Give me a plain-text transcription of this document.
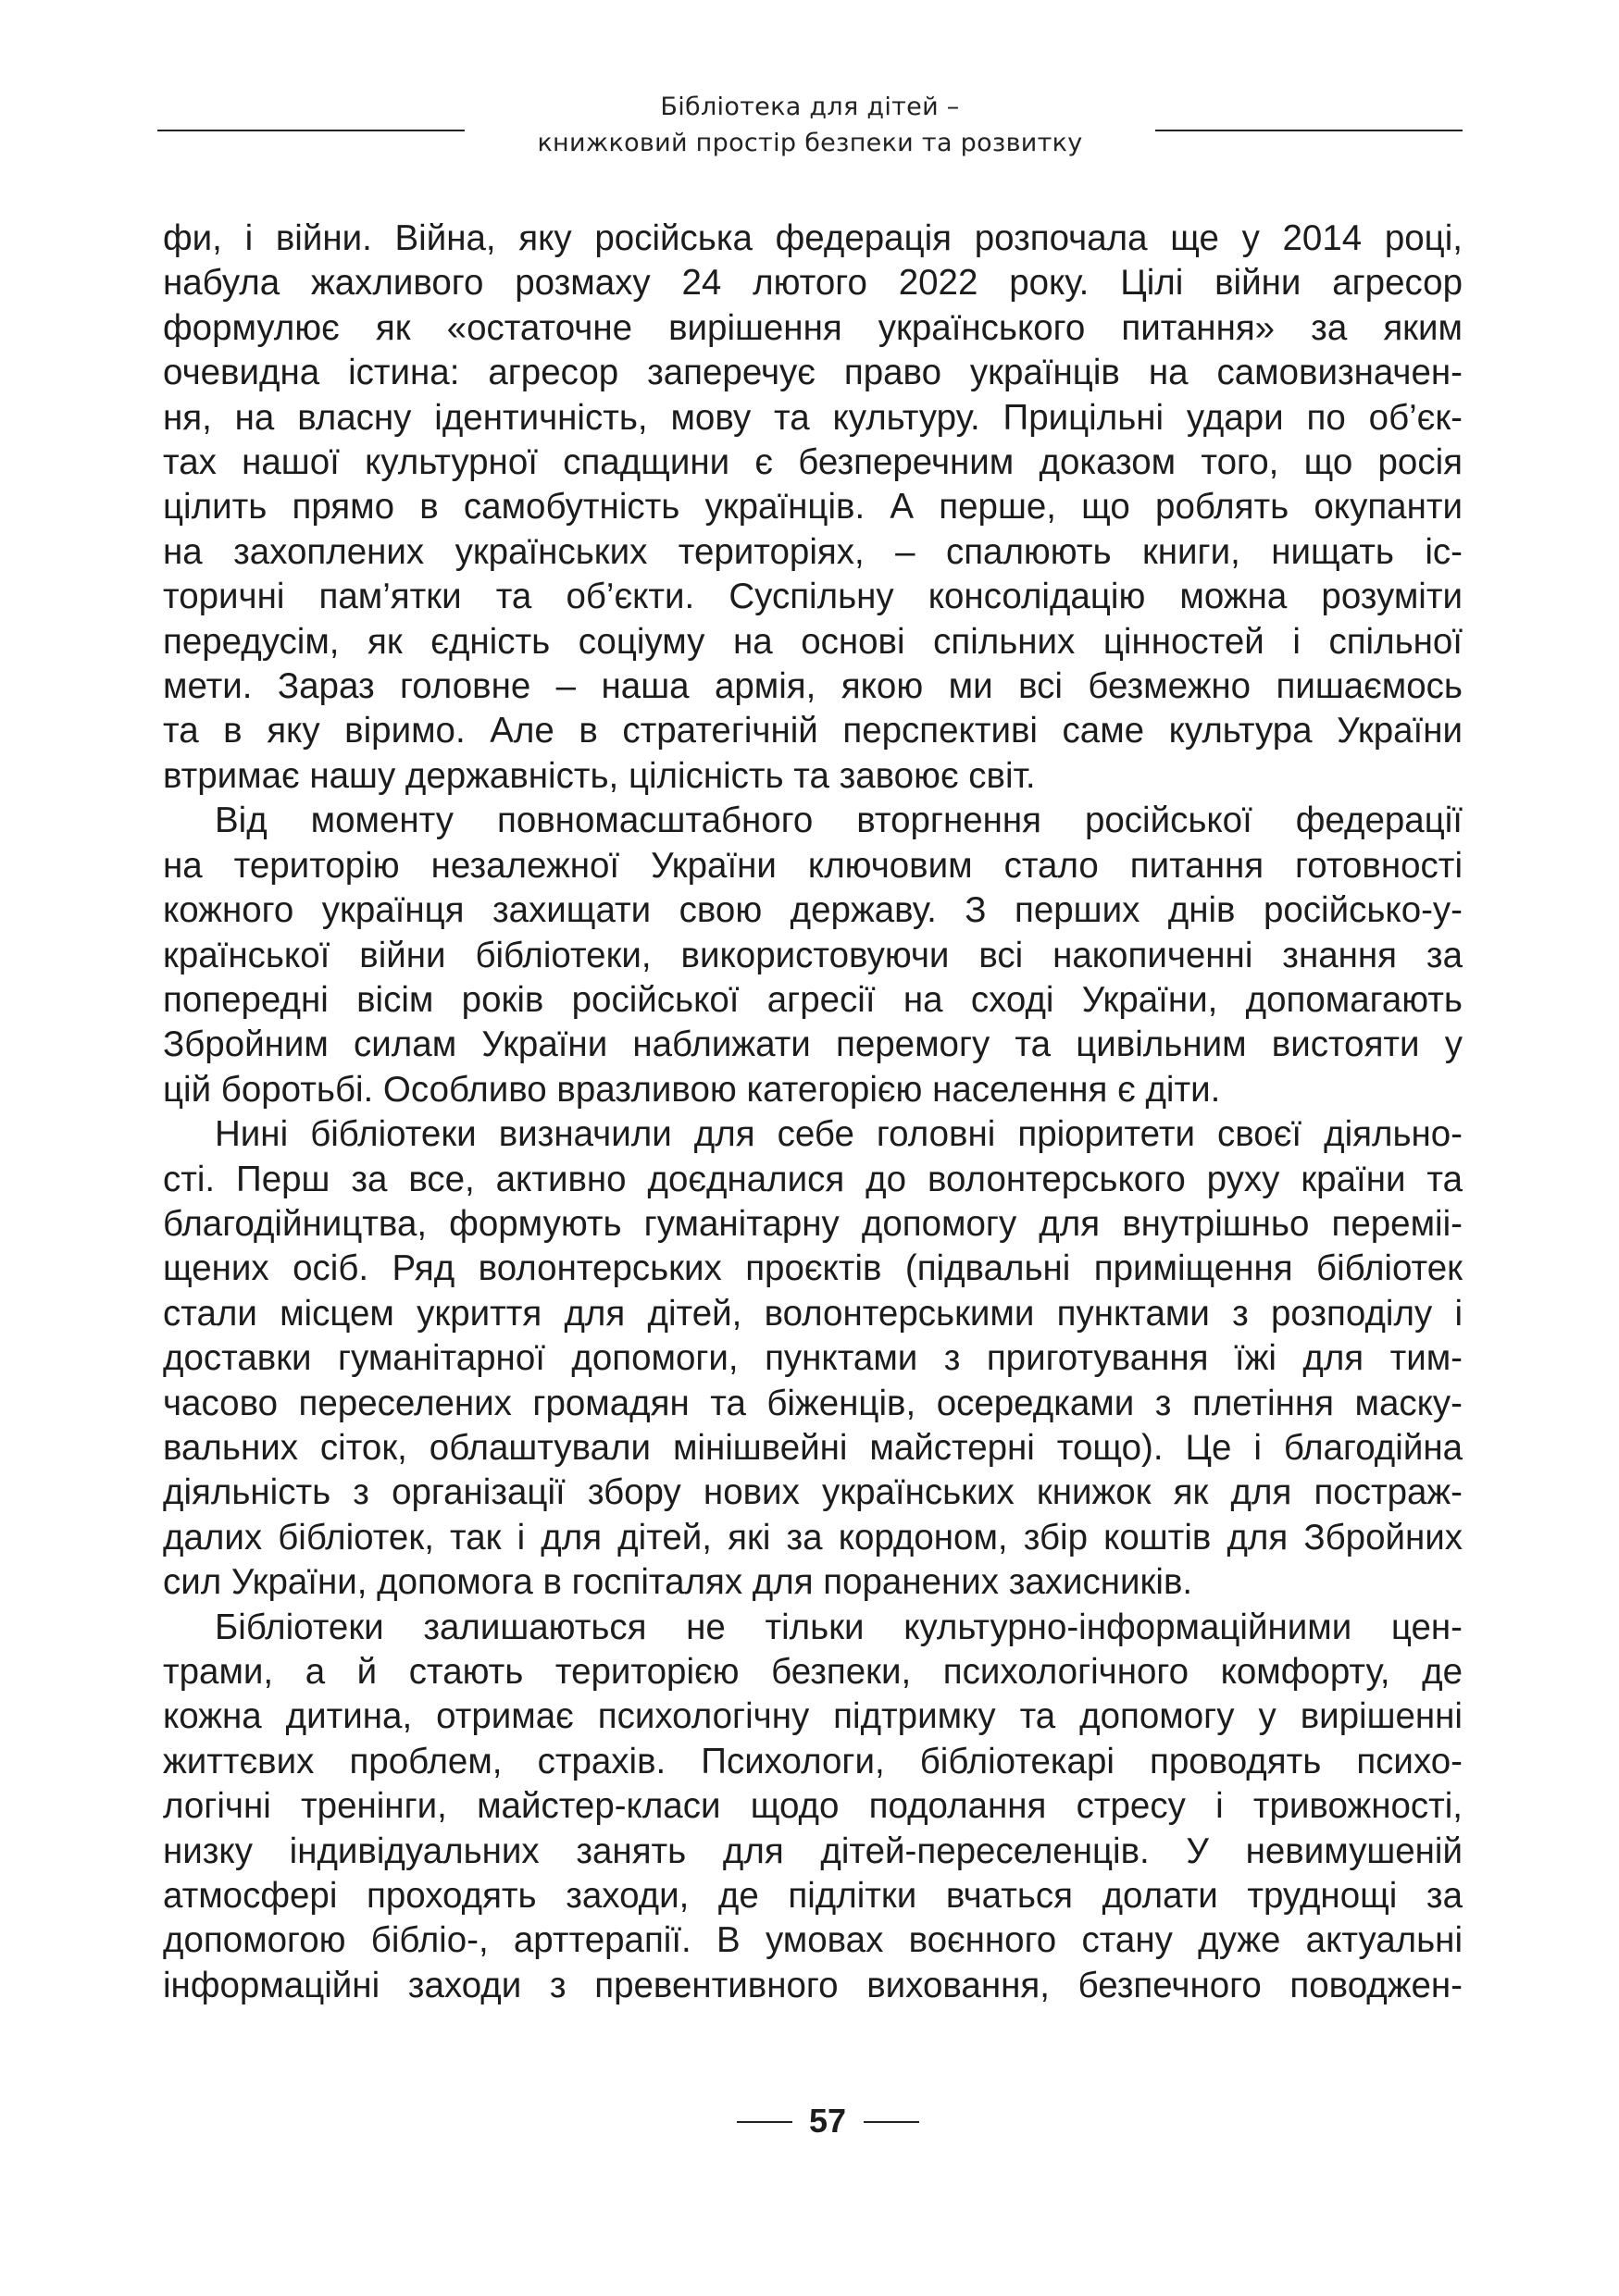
Бібліотека для дітей –
книжковий простір безпеки та розвитку
фи, і війни. Війна, яку російська федерація розпочала ще у 2014 році,
набула жахливого розмаху 24 лютого 2022 року. Цілі війни агресор
формулює як «остаточне вирішення українського питання» за яким
очевидна істина: агресор заперечує право українців на самовизначен-
ня, на власну ідентичність, мову та культуру. Прицільні удари по об’єк-
тах нашої культурної спадщини є безперечним доказом того, що росія
цілить прямо в самобутність українців. А перше, що роблять окупанти
на захоплених українських територіях, – спалюють книги, нищать іс-
торичні пам’ятки та об’єкти. Суспільну консолідацію можна розуміти
передусім, як єдність соціуму на основі спільних цінностей і спільної
мети. Зараз головне – наша армія, якою ми всі безмежно пишаємось
та в яку віримо. Але в стратегічній перспективі саме культура України
втримає нашу державність, цілісність та завоює світ.
Від моменту повномасштабного вторгнення російської федерації
на територію незалежної України ключовим стало питання готовності
кожного українця захищати свою державу. З перших днів російсько-у-
країнської війни бібліотеки, використовуючи всі накопиченні знання за
попередні вісім років російської агресії на сході України, допомагають
Збройним силам України наближати перемогу та цивільним вистояти у
цій боротьбі. Особливо вразливою категорією населення є діти.
Нині бібліотеки визначили для себе головні пріоритети своєї діяльно-
сті. Перш за все, активно доєдналися до волонтерського руху країни та
благодійництва, формують гуманітарну допомогу для внутрішньо переміі-
щених осіб. Ряд волонтерських проєктів (підвальні приміщення бібліотек
стали місцем укриття для дітей, волонтерськими пунктами з розподілу і
доставки гуманітарної допомоги, пунктами з приготування їжі для тим-
часово переселених громадян та біженців, осередками з плетіння маску-
вальних сіток, облаштували мінішвейні майстерні тощо). Це і благодійна
діяльність з організації збору нових українських книжок як для постраж-
далих бібліотек, так і для дітей, які за кордоном, збір коштів для Збройних
сил України, допомога в госпіталях для поранених захисників.
Бібліотеки залишаються не тільки культурно-інформаційними цен-
трами, а й стають територією безпеки, психологічного комфорту, де
кожна дитина, отримає психологічну підтримку та допомогу у вирішенні
життєвих проблем, страхів. Психологи, бібліотекарі проводять психо-
логічні тренінги, майстер-класи щодо подолання стресу і тривожності,
низку індивідуальних занять для дітей-переселенців. У невимушеній
атмосфері проходять заходи, де підлітки вчаться долати труднощі за
допомогою бібліо-, арттерапії. В умовах воєнного стану дуже актуальні
інформаційні заходи з превентивного виховання, безпечного поводжен-
57
